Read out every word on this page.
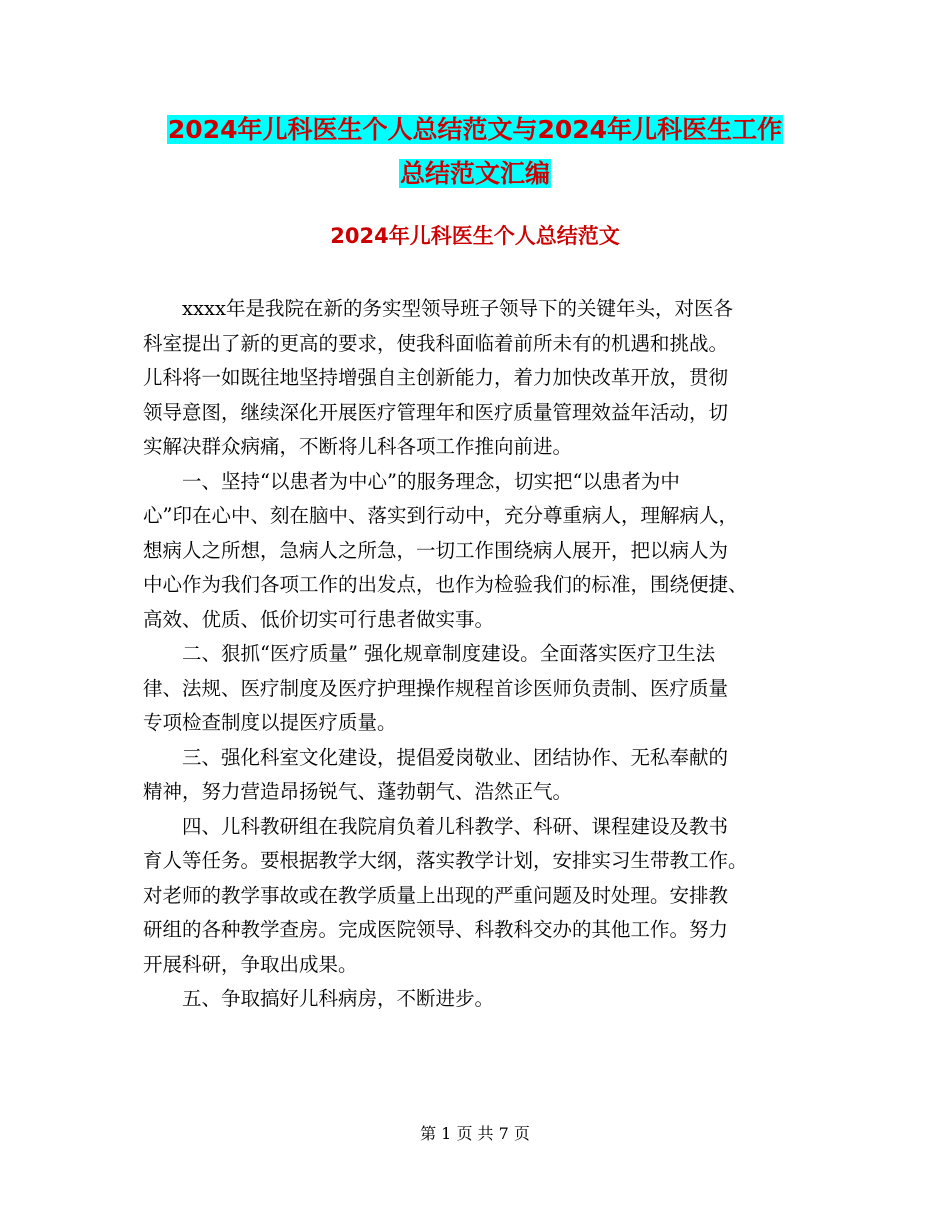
2024年儿科医生个人总结范文与2024年儿科医生工作
总结范文汇编
2024年儿科医生个人总结范文
　　xxxx年是我院在新的务实型领导班子领导下的关键年头，对医各
科室提出了新的更高的要求，使我科面临着前所未有的机遇和挑战。
儿科将一如既往地坚持增强自主创新能力，着力加快改革开放，贯彻
领导意图，继续深化开展医疗管理年和医疗质量管理效益年活动，切
实解决群众病痛，不断将儿科各项工作推向前进。
　　一、坚持“以患者为中心”的服务理念，切实把“以患者为中
心”印在心中、刻在脑中、落实到行动中，充分尊重病人，理解病人，
想病人之所想，急病人之所急，一切工作围绕病人展开，把以病人为
中心作为我们各项工作的出发点，也作为检验我们的标准，围绕便捷、
高效、优质、低价切实可行患者做实事。
　　二、狠抓“医疗质量” 强化规章制度建设。全面落实医疗卫生法
律、法规、医疗制度及医疗护理操作规程首诊医师负责制、医疗质量
专项检查制度以提医疗质量。
　　三、强化科室文化建设，提倡爱岗敬业、团结协作、无私奉献的
精神，努力营造昂扬锐气、蓬勃朝气、浩然正气。
　　四、儿科教研组在我院肩负着儿科教学、科研、课程建设及教书
育人等任务。要根据教学大纲，落实教学计划，安排实习生带教工作。
对老师的教学事故或在教学质量上出现的严重问题及时处理。安排教
研组的各种教学查房。完成医院领导、科教科交办的其他工作。努力
开展科研，争取出成果。
　　五、争取搞好儿科病房，不断进步。
第 1 页 共 7 页
